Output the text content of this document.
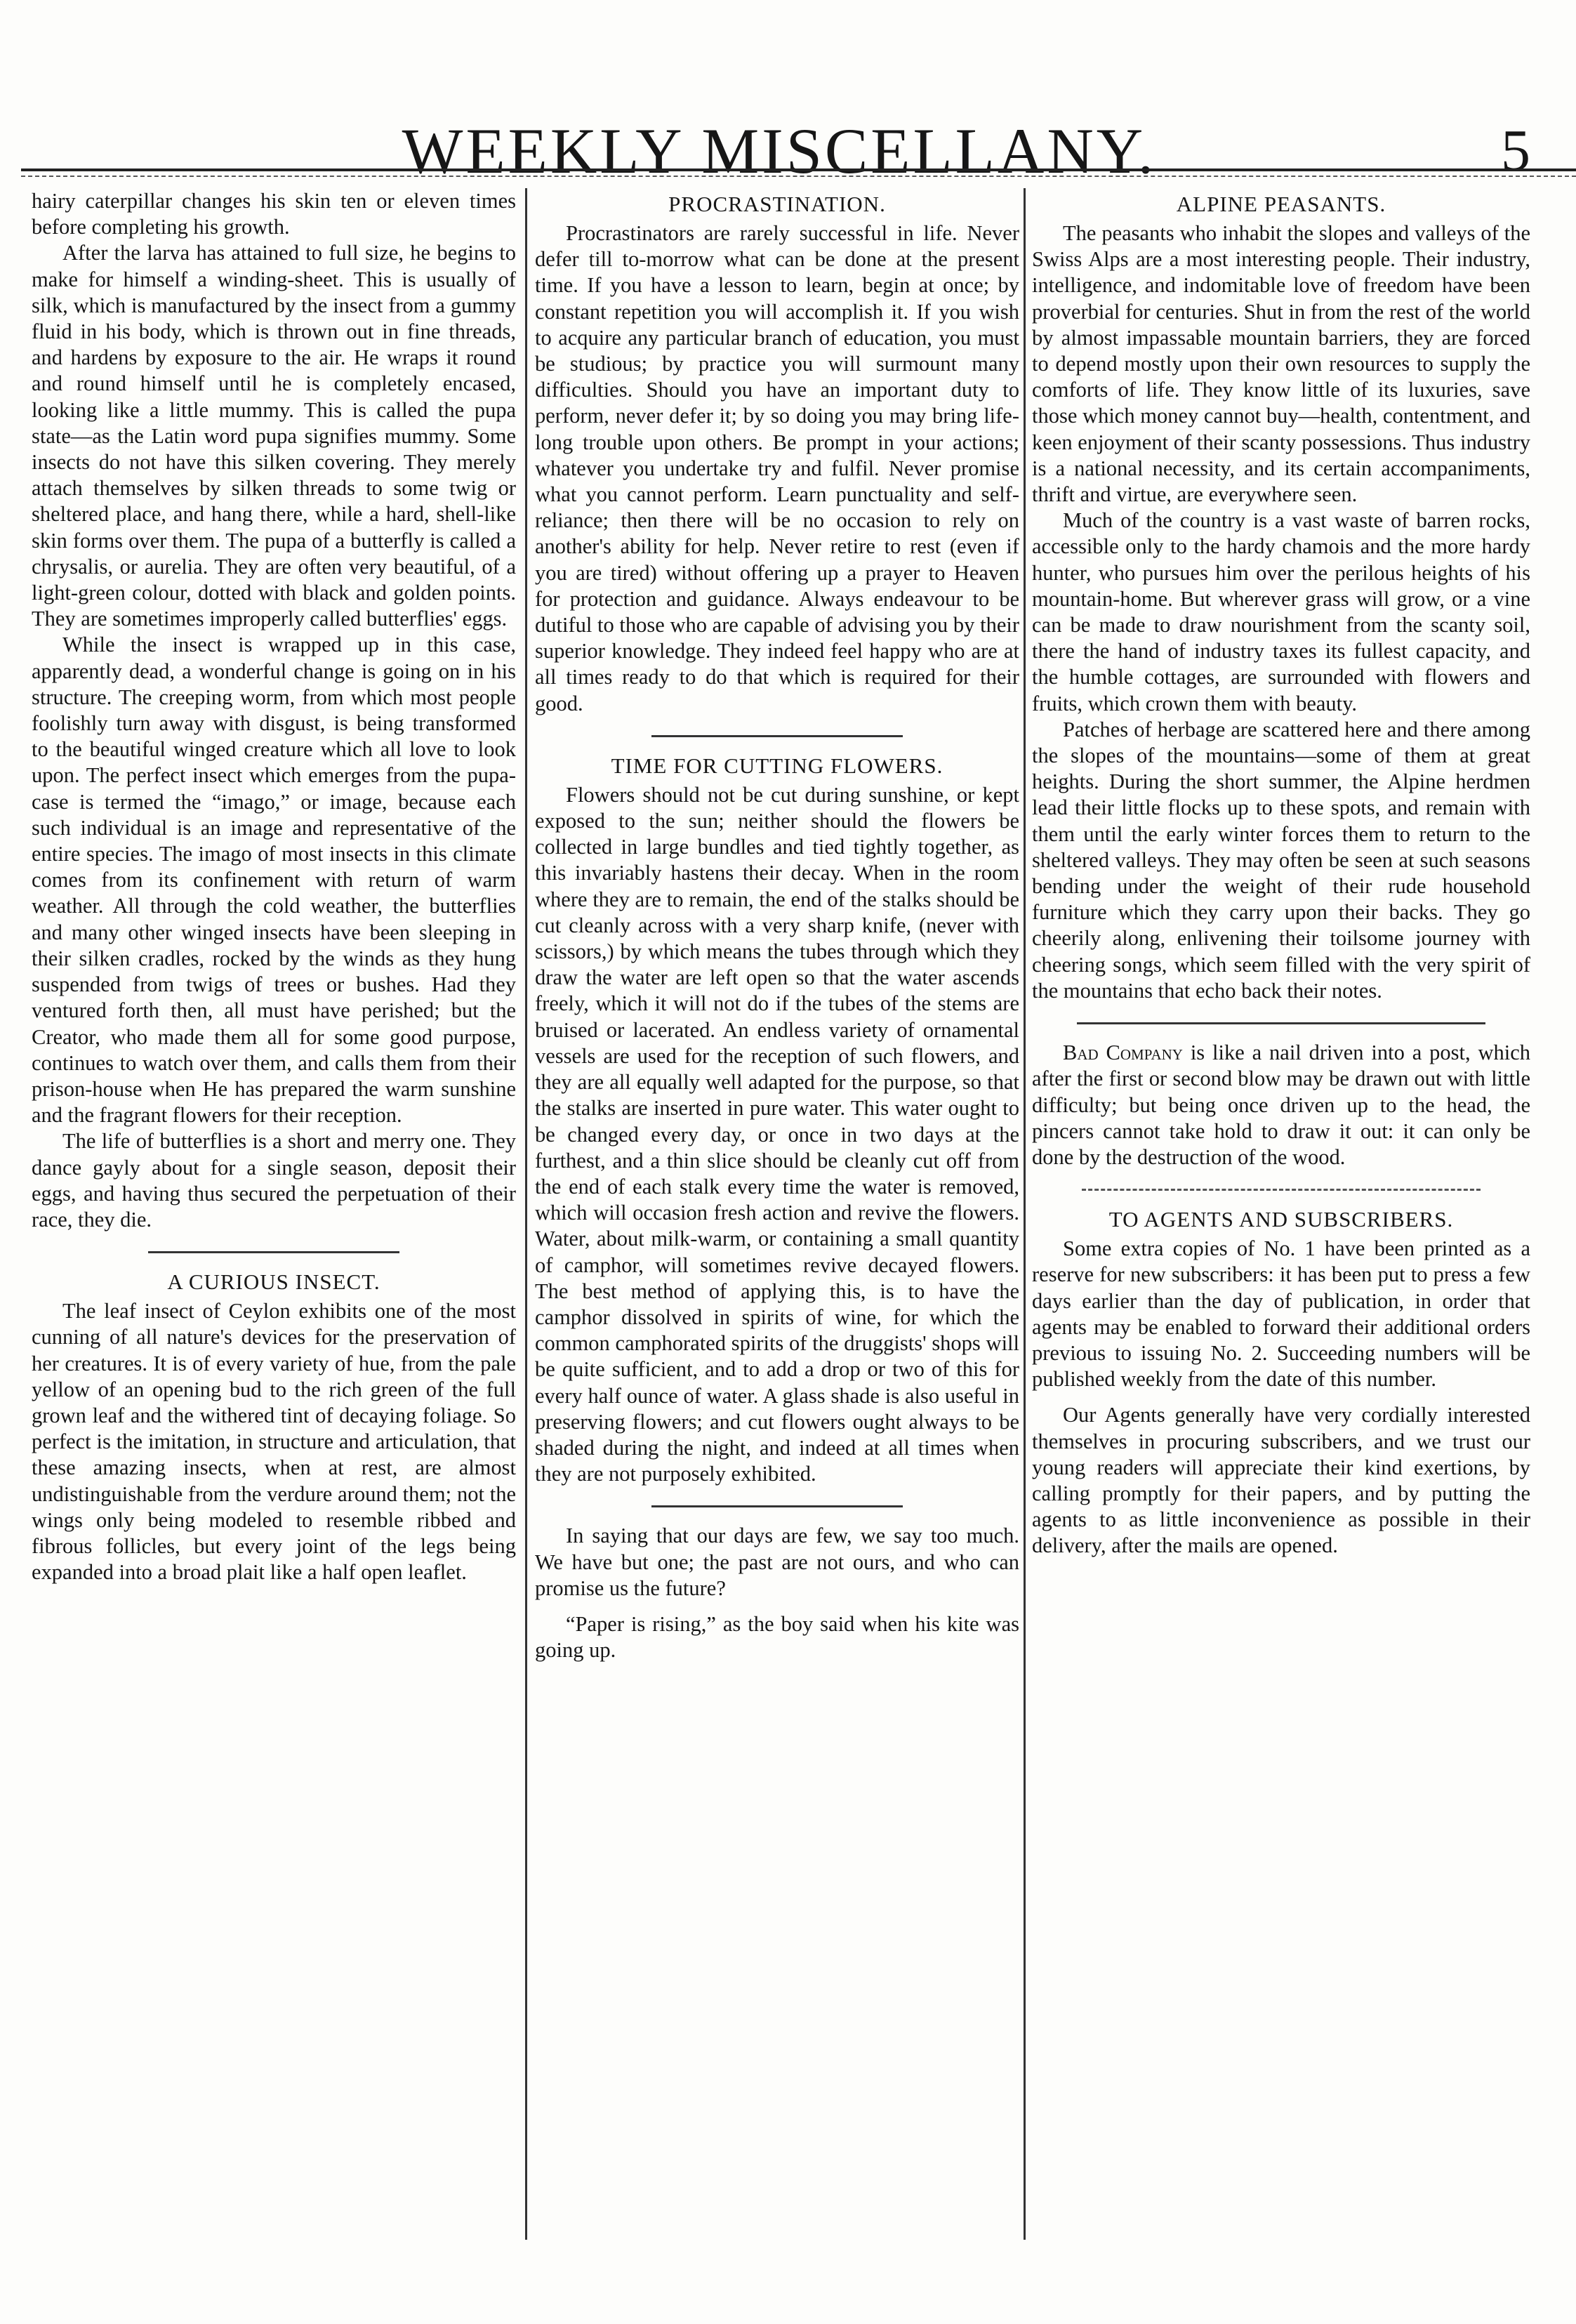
WEEKLY MISCELLANY.	5

hairy caterpillar changes his skin ten or eleven times before completing his growth.

After the larva has attained to full size, he begins to make for himself a winding-sheet. This is usually of silk, which is manufactured by the insect from a gummy fluid in his body, which is thrown out in fine threads, and hardens by exposure to the air. He wraps it round and round himself until he is completely encased, looking like a little mummy. This is called the pupa state—as the Latin word pupa signifies mummy. Some insects do not have this silken covering. They merely attach themselves by silken threads to some twig or sheltered place, and hang there, while a hard, shell-like skin forms over them. The pupa of a butterfly is called a chrysalis, or aurelia. They are often very beautiful, of a light-green colour, dotted with black and golden points. They are sometimes improperly called butterflies' eggs.

While the insect is wrapped up in this case, apparently dead, a wonderful change is going on in his structure. The creeping worm, from which most people foolishly turn away with disgust, is being transformed to the beautiful winged creature which all love to look upon. The perfect insect which emerges from the pupa-case is termed the “imago,” or image, because each such individual is an image and representative of the entire species. The imago of most insects in this climate comes from its confinement with return of warm weather. All through the cold weather, the butterflies and many other winged insects have been sleeping in their silken cradles, rocked by the winds as they hung suspended from twigs of trees or bushes. Had they ventured forth then, all must have perished; but the Creator, who made them all for some good purpose, continues to watch over them, and calls them from their prison-house when He has prepared the warm sunshine and the fragrant flowers for their reception.

The life of butterflies is a short and merry one. They dance gayly about for a single season, deposit their eggs, and having thus secured the perpetuation of their race, they die.

A CURIOUS INSECT.

The leaf insect of Ceylon exhibits one of the most cunning of all nature's devices for the preservation of her creatures. It is of every variety of hue, from the pale yellow of an opening bud to the rich green of the full grown leaf and the withered tint of decaying foliage. So perfect is the imitation, in structure and articulation, that these amazing insects, when at rest, are almost undistinguishable from the verdure around them; not the wings only being modeled to resemble ribbed and fibrous follicles, but every joint of the legs being expanded into a broad plait like a half open leaflet.

PROCRASTINATION.

Procrastinators are rarely successful in life. Never defer till to-morrow what can be done at the present time. If you have a lesson to learn, begin at once; by constant repetition you will accomplish it. If you wish to acquire any particular branch of education, you must be studious; by practice you will surmount many difficulties. Should you have an important duty to perform, never defer it; by so doing you may bring life-long trouble upon others. Be prompt in your actions; whatever you undertake try and fulfil. Never promise what you cannot perform. Learn punctuality and self-reliance; then there will be no occasion to rely on another's ability for help. Never retire to rest (even if you are tired) without offering up a prayer to Heaven for protection and guidance. Always endeavour to be dutiful to those who are capable of advising you by their superior knowledge. They indeed feel happy who are at all times ready to do that which is required for their good.

TIME FOR CUTTING FLOWERS.

Flowers should not be cut during sunshine, or kept exposed to the sun; neither should the flowers be collected in large bundles and tied tightly together, as this invariably hastens their decay. When in the room where they are to remain, the end of the stalks should be cut cleanly across with a very sharp knife, (never with scissors,) by which means the tubes through which they draw the water are left open so that the water ascends freely, which it will not do if the tubes of the stems are bruised or lacerated. An endless variety of ornamental vessels are used for the reception of such flowers, and they are all equally well adapted for the purpose, so that the stalks are inserted in pure water. This water ought to be changed every day, or once in two days at the furthest, and a thin slice should be cleanly cut off from the end of each stalk every time the water is removed, which will occasion fresh action and revive the flowers. Water, about milk-warm, or containing a small quantity of camphor, will sometimes revive decayed flowers. The best method of applying this, is to have the camphor dissolved in spirits of wine, for which the common camphorated spirits of the druggists' shops will be quite sufficient, and to add a drop or two of this for every half ounce of water. A glass shade is also useful in preserving flowers; and cut flowers ought always to be shaded during the night, and indeed at all times when they are not purposely exhibited.

In saying that our days are few, we say too much. We have but one; the past are not ours, and who can promise us the future?

“Paper is rising,” as the boy said when his kite was going up.

ALPINE PEASANTS.

The peasants who inhabit the slopes and valleys of the Swiss Alps are a most interesting people. Their industry, intelligence, and indomitable love of freedom have been proverbial for centuries. Shut in from the rest of the world by almost impassable mountain barriers, they are forced to depend mostly upon their own resources to supply the comforts of life. They know little of its luxuries, save those which money cannot buy—health, contentment, and keen enjoyment of their scanty possessions. Thus industry is a national necessity, and its certain accompaniments, thrift and virtue, are everywhere seen.

Much of the country is a vast waste of barren rocks, accessible only to the hardy chamois and the more hardy hunter, who pursues him over the perilous heights of his mountain-home. But wherever grass will grow, or a vine can be made to draw nourishment from the scanty soil, there the hand of industry taxes its fullest capacity, and the humble cottages, are surrounded with flowers and fruits, which crown them with beauty.

Patches of herbage are scattered here and there among the slopes of the mountains—some of them at great heights. During the short summer, the Alpine herdmen lead their little flocks up to these spots, and remain with them until the early winter forces them to return to the sheltered valleys. They may often be seen at such seasons bending under the weight of their rude household furniture which they carry upon their backs. They go cheerily along, enlivening their toilsome journey with cheering songs, which seem filled with the very spirit of the mountains that echo back their notes.

Bad Company is like a nail driven into a post, which after the first or second blow may be drawn out with little difficulty; but being once driven up to the head, the pincers cannot take hold to draw it out: it can only be done by the destruction of the wood.

TO AGENTS AND SUBSCRIBERS.

Some extra copies of No. 1 have been printed as a reserve for new subscribers: it has been put to press a few days earlier than the day of publication, in order that agents may be enabled to forward their additional orders previous to issuing No. 2. Succeeding numbers will be published weekly from the date of this number.

Our Agents generally have very cordially interested themselves in procuring subscribers, and we trust our young readers will appreciate their kind exertions, by calling promptly for their papers, and by putting the agents to as little inconvenience as possible in their delivery, after the mails are opened.
